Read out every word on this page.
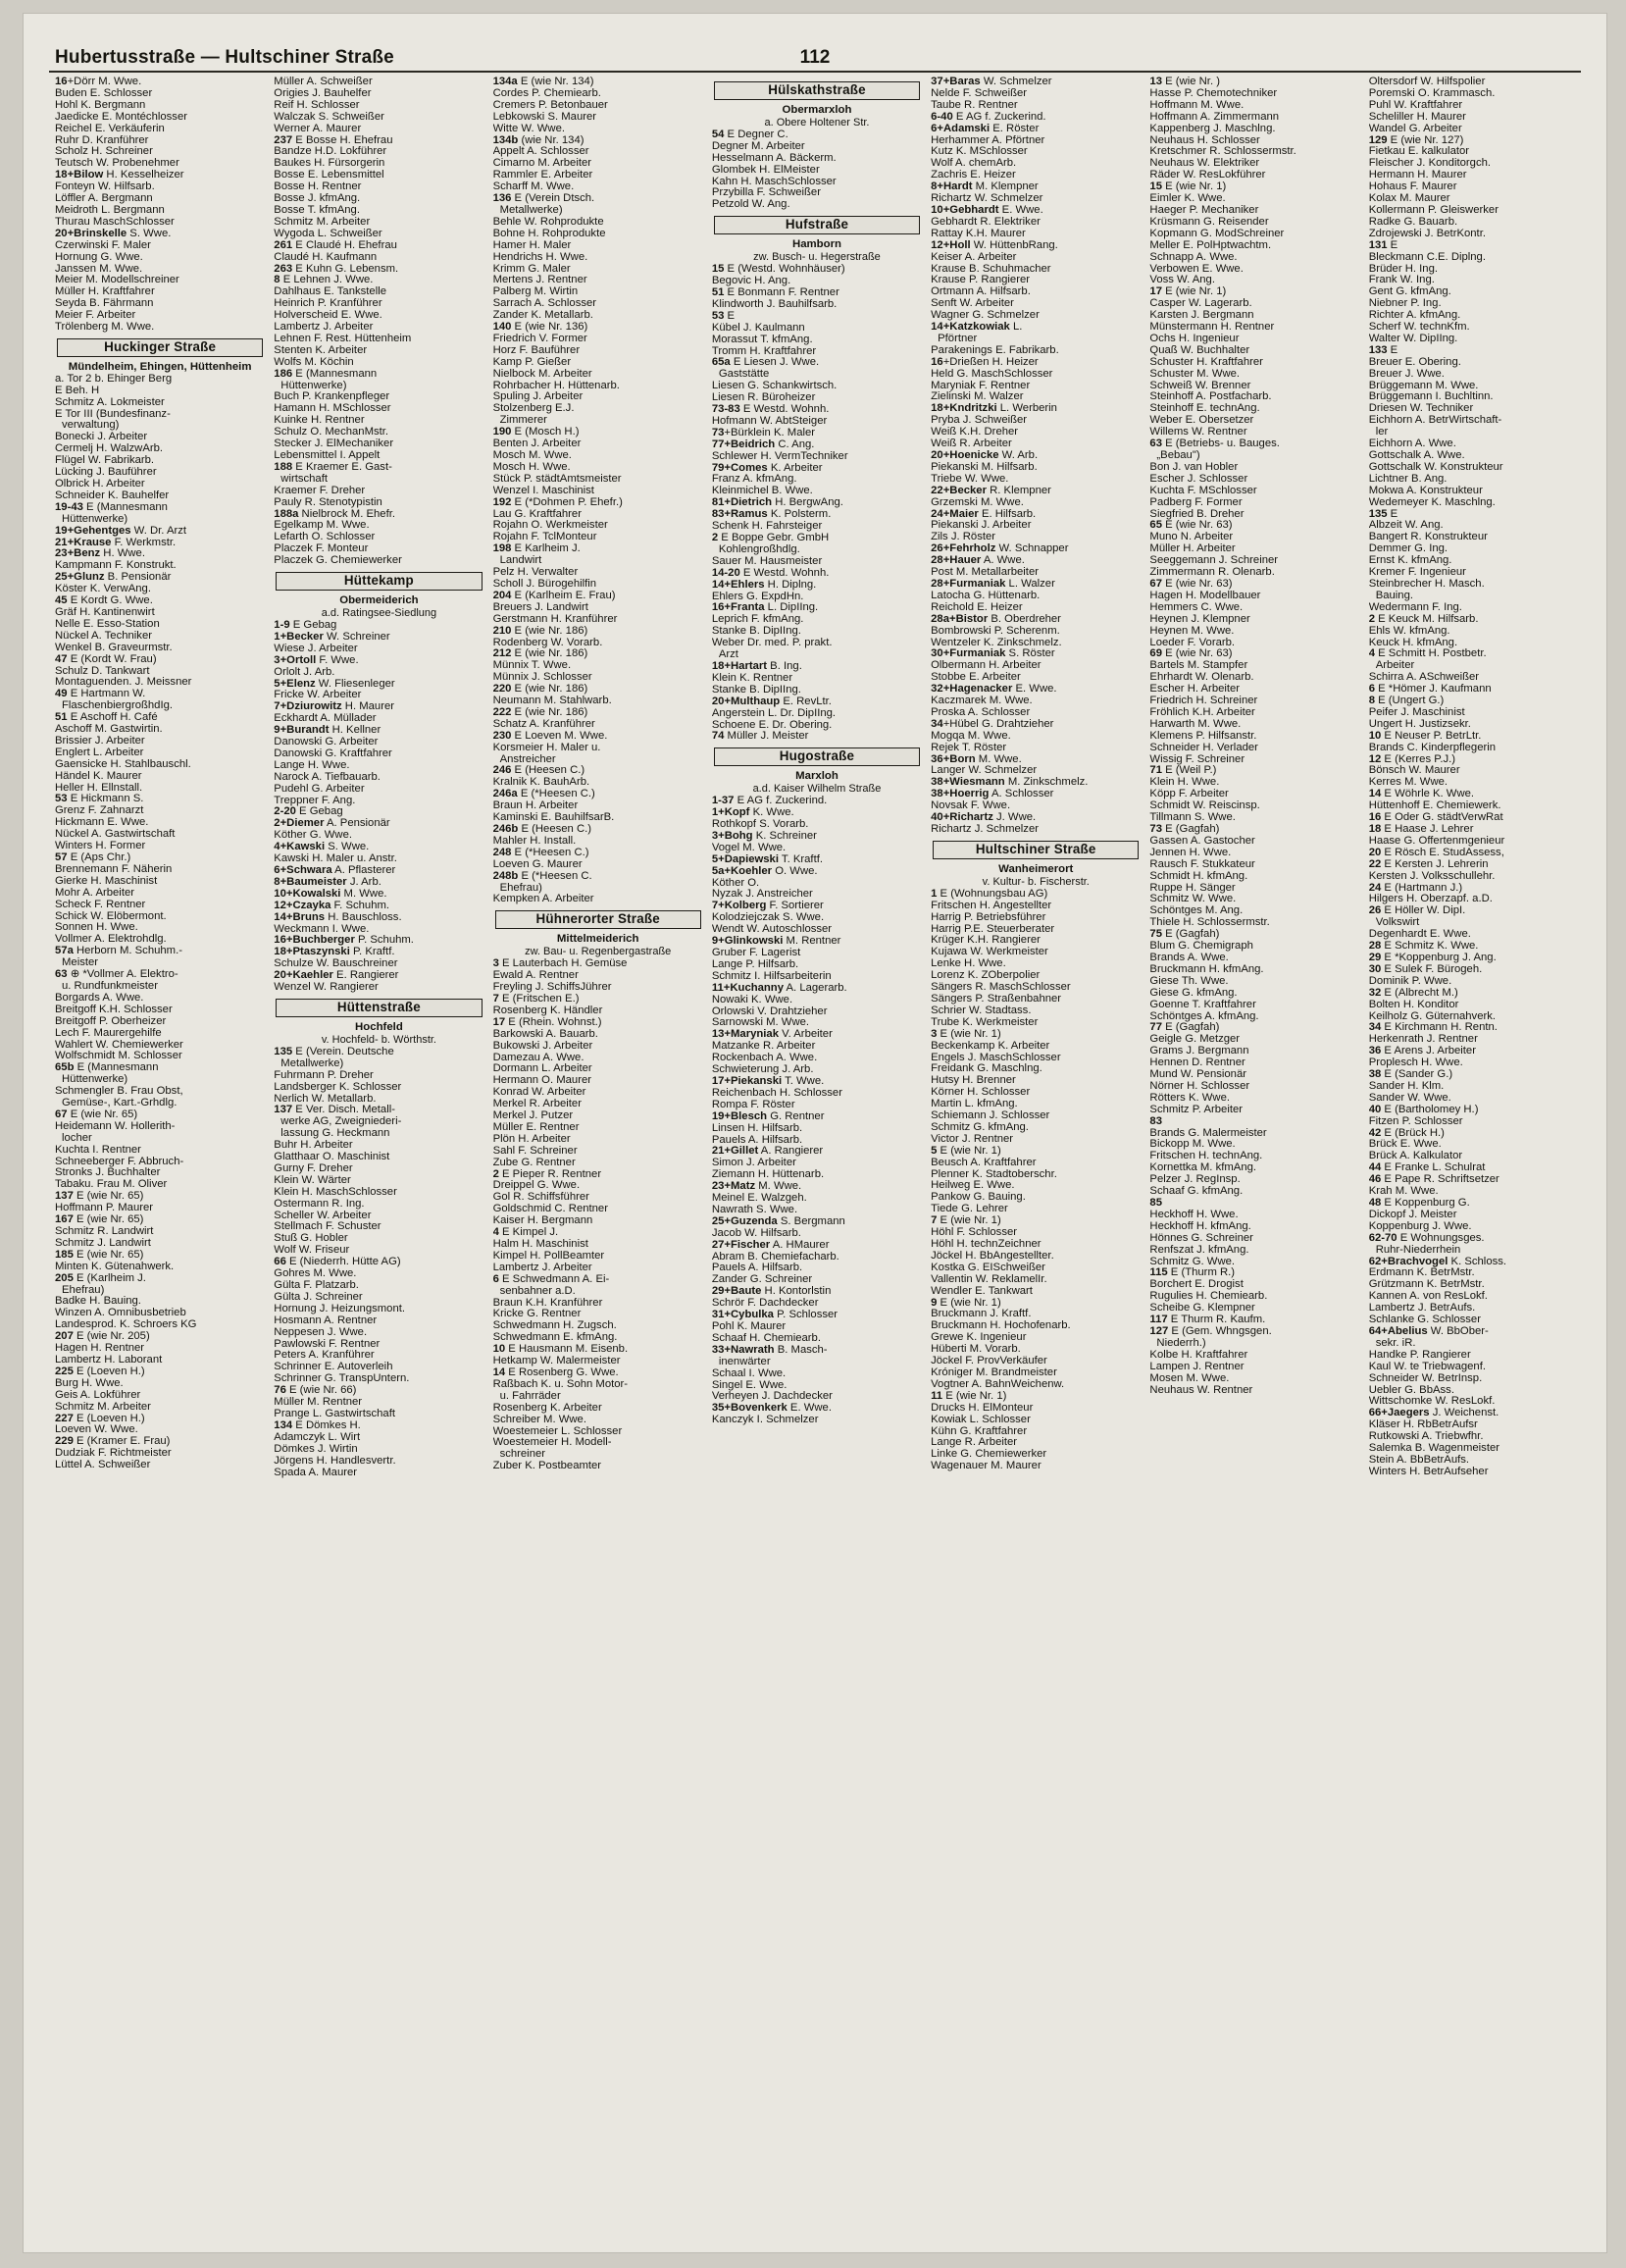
Hubertusstraße — Hultschiner Straße	112
16+Dörr M. Wwe.
Buden E. Schlosser
Hohl K. Bergmann
Jaedicke E. Montéchlosser
Reichel E. Verkäuferin
Ruhr D. Kranführer
Scholz H. Schreiner
Teutsch W. Probenehmer
18+Bilow H. Kesselheizer
Fonteyn W. Hilfsarb.
Löffler A. Bergmann
Meidroth L. Bergmann
Thurau MaschSchlosser
20+Brinskelle S. Wwe.
Czerwinski F. Maler
Hornung G. Wwe.
Janssen M. Wwe.
Meier M. Modellschreiner
Müller H. Kraftfahrer
Seyda B. Fährmann
Meier F. Arbeiter
Trölenberg M. Wwe.
Huckinger Straße
Mündelheim, Ehingen, Hüttenheim
a. Tor 2 b. Ehinger Berg
E Beh. H
Schmitz A. Lokmeister
E Tor III (Bundesfinanz-
verwaltung)
Bonecki J. Arbeiter
Cermelj H. WalzwArb.
Flügel W. Fabrikarb.
Lücking J. Bauführer
Olbrick H. Arbeiter
Schneider K. Bauhelfer
19-43 E (Mannesmann
Hüttenwerke)
19+Gehentges W. Dr. Arzt
21+Krause F. Werkmstr.
23+Benz H. Wwe.
Kampmann F. Konstrukt.
25+Glunz B. Pensionär
Köster K. VerwAng.
45 E Kordt G. Wwe.
Gräf H. Kantinenwirt
Nelle E. Esso-Station
Nückel A. Techniker
Wenkel B. Graveurmstr.
47 E (Kordt W. Frau)
Schulz D. Tankwart
Montaguenden. J. Meissner
49 E Hartmann W.
FlaschenbiergroßhdIg.
51 E Aschoff H. Café
Aschoff M. Gastwirtin.
Brissier J. Arbeiter
Englert L. Arbeiter
Gaensicke H. Stahlbauschl.
Händel K. Maurer
Heller H. Ellnstall.
53 E Hickmann S.
Grenz F. Zahnarzt
Hickmann E. Wwe.
Nückel A. Gastwirtschaft
Winters H. Former
57 E (Aps Chr.)
Brennemann F. Näherin
Gierke H. Maschinist
Mohr A. Arbeiter
Scheck F. Rentner
Schick W. Elöbermont.
Sonnen H. Wwe.
Vollmer A. Elektrohdlg.
57a Herborn M. Schuhm.-
Meister
63 ⊕ *Vollmer A. Elektro-
u. Rundfunkmeister
Borgards A. Wwe.
Breitgoff K.H. Schlosser
Breitgoff P. Oberheizer
Lech F. Maurergehilfe
Wahlert W. Chemiewerker
Wolfschmidt M. Schlosser
65b E (Mannesmann
Hüttenwerke)
Schmengler B. Frau Obst,
Gemüse-, Kart.-Grhdlg.
67 E (wie Nr. 65)
Heidemann W. Hollerith-
locher
Kuchta I. Rentner
Schneeberger F. Abbruch-
Stronks J. Buchhalter
Tabaku. Frau M. Oliver
137 E (wie Nr. 65)
Hoffmann P. Maurer
167 E (wie Nr. 65)
Schmitz R. Landwirt
Schmitz J. Landwirt
185 E (wie Nr. 65)
Minten K. Gütenahwerk.
205 E (Karlheim J.
Ehefrau)
Badke H. Bauing.
Winzen A. Omnibusbetrieb
Landesprod. K. Schroers KG
207 E (wie Nr. 205)
Hagen H. Rentner
Lambertz H. Laborant
225 E (Loeven H.)
Burg H. Wwe.
Geis A. Lokführer
Schmitz M. Arbeiter
227 E (Loeven H.)
Loeven W. Wwe.
229 E (Kramer E. Frau)
Dudziak F. Richtmeister
Lüttel A. Schweißer
Müller A. Schweißer
Origies J. Bauhelfer
Reif H. Schlosser
Walczak S. Schweißer
Werner A. Maurer
237 E Bosse H. Ehefrau
Bandze H.D. Lokführer
Baukes H. Fürsorgerin
Bosse E. Lebensmittel
Bosse H. Rentner
Bosse J. kfmAng.
Bosse T. kfmAng.
Schmitz M. Arbeiter
Wygoda L. Schweißer
261 E Claudé H. Ehefrau
Claudé H. Kaufmann
263 E Kuhn G. Lebensm.
8 E Lehnen J. Wwe.
Dahlhaus E. Tankstelle
Heinrich P. Kranführer
Holverscheid E. Wwe.
Lambertz J. Arbeiter
Lehnen F. Rest. Hüttenheim
Stenten K. Arbeiter
Wolfs M. Köchin
186 E (Mannesmann
Hüttenwerke)
Buch P. Krankenpfleger
Hamann H. MSchlosser
Kuinke H. Rentner
Schulz O. MechanMstr.
Stecker J. ElMechaniker
Lebensmittel I. Appelt
188 E Kraemer E. Gast-
wirtschaft
Kraemer F. Dreher
Pauly R. Stenotypistin
188a Nielbrock M. Ehefr.
Egelkamp M. Wwe.
Lefarth O. Schlosser
Placzek F. Monteur
Placzek G. Chemiewerker
Hüttekamp
Obermeiderich
a.d. Ratingsee-Siedlung
1-9 E Gebag
1+Becker W. Schreiner
Wiese J. Arbeiter
3+Ortoll F. Wwe.
Orlolt J. Arb.
5+Elenz W. Fliesenleger
Fricke W. Arbeiter
7+Dziurowitz H. Maurer
Eckhardt A. Müllader
9+Burandt H. Kellner
Danowski G. Arbeiter
Danowski G. Kraftfahrer
Lange H. Wwe.
Narock A. Tiefbauarb.
Pudehl G. Arbeiter
Treppner F. Ang.
2-20 E Gebag
2+Diemer A. Pensionär
Köther G. Wwe.
4+Kawski S. Wwe.
Kawski H. Maler u. Anstr.
6+Schwara A. Pflasterer
8+Baumeister J. Arb.
10+Kowalski M. Wwe.
12+Czayka F. Schuhm.
14+Bruns H. Bauschloss.
Weckmann I. Wwe.
16+Buchberger P. Schuhm.
18+Ptaszynski P. Kraftf.
Schulze W. Bauschreiner
20+Kaehler E. Rangierer
Wenzel W. Rangierer
Hüttenstraße
Hochfeld
v. Hochfeld- b. Wörthstr.
135 E (Verein. Deutsche
Metallwerke)
Fuhrmann P. Dreher
Landsberger K. Schlosser
Nerlich W. Metallarb.
137 E Ver. Disch. Metall-
werke AG, Zweigniederi-
lassung G. Heckmann
Buhr H. Arbeiter
Glatthaar O. Maschinist
Gurny F. Dreher
Klein W. Wärter
Klein H. MaschSchlosser
Ostermann R. Ing.
Scheller W. Arbeiter
Stellmach F. Schuster
Stuß G. Hobler
Wolf W. Friseur
66 E (Niederrh. Hütte AG)
Gohres M. Wwe.
Gülta F. Platzarb.
Gülta J. Schreiner
Hornung J. Heizungsmont.
Hosmann A. Rentner
Neppesen J. Wwe.
Pawlowski F. Rentner
Peters A. Kranführer
Schrinner E. Autoverleih
Schrinner G. TranspUntern.
76 E (wie Nr. 66)
Müller M. Rentner
Prange L. Gastwirtschaft
134 E Dömkes H.
Adamczyk L. Wirt
Dömkes J. Wirtin
Jörgens H. Handlesvertr.
Spada A. Maurer
134a E (wie Nr. 134)
Cordes P. Chemiearb.
Cremers P. Betonbauer
Lebkowski S. Maurer
Witte W. Wwe.
134b (wie Nr. 134)
Appelt A. Schlosser
Cimarno M. Arbeiter
Rammler E. Arbeiter
Scharff M. Wwe.
136 E (Verein Dtsch.
Metallwerke)
Behle W. Rohprodukte
Bohne H. Rohprodukte
Hamer H. Maler
Hendrichs H. Wwe.
Krimm G. Maler
Mertens J. Rentner
Palberg M. Wirtin
Sarrach A. Schlosser
Zander K. Metallarb.
140 E (wie Nr. 136)
Friedrich V. Former
Horz F. Bauführer
Kamp P. Gießer
Nielbock M. Arbeiter
Rohrbacher H. Hüttenarb.
Spuling J. Arbeiter
Stolzenberg E.J.
Zimmerer
190 E (Mosch H.)
Benten J. Arbeiter
Mosch M. Wwe.
Mosch H. Wwe.
Stück P. städtAmtsmeister
Wenzel I. Maschinist
192 E (*Dohmen P. Ehefr.)
Lau G. Kraftfahrer
Rojahn O. Werkmeister
Rojahn F. TclMonteur
198 E Karlheim J.
Landwirt
Pelz H. Verwalter
Scholl J. Bürogehilfin
204 E (Karlheim E. Frau)
Breuers J. Landwirt
Gerstmann H. Kranführer
210 E (wie Nr. 186)
Rodenberg W. Vorarb.
212 E (wie Nr. 186)
Münnix T. Wwe.
Münnix J. Schlosser
220 E (wie Nr. 186)
Neumann M. Stahlwarb.
222 E (wie Nr. 186)
Schatz A. Kranführer
230 E Loeven M. Wwe.
Korsmeier H. Maler u.
Anstreicher
246 E (Heesen C.)
Kralnik K. BauhArb.
246a E (*Heesen C.)
Braun H. Arbeiter
Kaminski E. BauhilfsarB.
246b E (Heesen C.)
Mahler H. Install.
248 E (*Heesen C.)
Loeven G. Maurer
248b E (*Heesen C.
Ehefrau)
Kempken A. Arbeiter
Hühnerorter Straße
Mittelmeiderich
zw. Bau- u. Regenbergastraße
3 E Lauterbach H. Gemüse
Ewald A. Rentner
Freyling J. SchiffsJührer
7 É (Fritschen E.)
Rosenberg K. Händler
17 E (Rhein. Wohnst.)
Barkowski A. Bauarb.
Bukowski J. Arbeiter
Damezau A. Wwe.
Dormann L. Arbeiter
Hermann O. Maurer
Konrad W. Arbeiter
Merkel R. Arbeiter
Merkel J. Putzer
Müller E. Rentner
Plön H. Arbeiter
Sahl F. Schreiner
Zube G. Rentner
2 E Pieper R. Rentner
Dreippel G. Wwe.
Gol R. Schiffsführer
Goldschmid C. Rentner
Kaiser H. Bergmann
4 E Kimpel J.
Halm H. Maschinist
Kimpel H. PollBeamter
Lambertz J. Arbeiter
6 E Schwedmann A. Ei-
senbahner a.D.
Braun K.H. Kranführer
Kricke G. Rentner
Schwedmann H. Zugsch.
Schwedmann E. kfmAng.
10 E Hausmann M. Eisenb.
Hetkamp W. Malermeister
14 E Rosenberg G. Wwe.
Raßbach K. u. Sohn Motor-
u. Fahrräder
Rosenberg K. Arbeiter
Schreiber M. Wwe.
Woestemeier L. Schlosser
Woestemeier H. Modell-
schreiner
Zuber K. Postbeamter
Hülskathstraße
Obermarxloh
a. Obere Holtener Str.
54 E Degner C.
Degner M. Arbeiter
Hesselmann A. Bäckerm.
Glombek H. ElMeister
Kahn H. MaschSchlosser
Przybilla F. Schweißer
Petzold W. Ang.
Hufstraße
Hamborn
zw. Busch- u. Hegerstraße
15 E (Westd. Wohnhäuser)
Begovic H. Ang.
51 E Bonmann F. Rentner
Klindworth J. Bauhilfsarb.
53 E
Kübel J. Kaulmann
Morassut T. kfmAng.
Tromm H. Kraftfahrer
65a E Liesen J. Wwe.
Gaststätte
Liesen G. Schankwirtsch.
Liesen R. Büroheizer
73-83 E Westd. Wohnh.
Hofmann W. AbtSteiger
73+Bürklein K. Maler
77+Beidrich C. Ang.
Schlewer H. VermTechniker
79+Comes K. Arbeiter
Franz A. kfmAng.
Kleinmichel B. Wwe.
81+Dietrich H. BergwAng.
83+Ramus K. Polsterm.
Schenk H. Fahrsteiger
2 E Boppe Gebr. GmbH
Kohlengroßhdlg.
Sauer M. Hausmeister
14-20 E Westd. Wohnh.
14+Ehlers H. Diplng.
Ehlers G. ExpdHn.
16+Franta L. DipIIng.
Leprich F. kfmAng.
Stanke B. DipIIng.
Weber Dr. med. P. prakt.
Arzt
18+Hartart B. Ing.
Klein K. Rentner
Stanke B. DipIIng.
20+Multhaup E. RevLtr.
Angerstein L. Dr. DipIIng.
Schoene E. Dr. Obering.
74 Müller J. Meister
Hugostraße
Marxloh
a.d. Kaiser Wilhelm Straße
1-37 E AG f. Zuckerind.
1+Kopf K. Wwe.
Rothkopf S. Vorarb.
3+Bohg K. Schreiner
Vogel M. Wwe.
5+Dapiewski T. Kraftf.
5a+Koehler O. Wwe.
Köther O.
Nyzak J. Anstreicher
7+Kolberg F. Sortierer
Kolodziejczak S. Wwe.
Wendt W. Autoschlosser
9+Glinkowski M. Rentner
Gruber F. Lagerist
Lange P. Hilfsarb.
Schmitz I. Hilfsarbeiterin
11+Kuchanny A. Lagerarb.
Nowaki K. Wwe.
Orlowski V. Drahtzieher
Sarnowski M. Wwe.
13+Maryniak V. Arbeiter
Matzanke R. Arbeiter
Rockenbach A. Wwe.
Schwieterung J. Arb.
17+Piekanski T. Wwe.
Reichenbach H. Schlosser
Rompa F. Röster
19+Blesch G. Rentner
Linsen H. Hilfsarb.
Pauels A. Hilfsarb.
21+Gillet A. Rangierer
Simon J. Arbeiter
Ziemann H. Hüttenarb.
23+Matz M. Wwe.
Meinel E. Walzgeh.
Nawrath S. Wwe.
25+Guzenda S. Bergmann
Jacob W. Hilfsarb.
27+Fischer A. HMaurer
Abram B. Chemiefacharb.
Pauels A. Hilfsarb.
Zander G. Schreiner
29+Baute H. Kontorlstin
Schrör F. Dachdecker
31+Cybulka P. Schlosser
Pohl K. Maurer
Schaaf H. Chemiearb.
33+Nawrath B. Masch-
inenwärter
Schaal I. Wwe.
Singel E. Wwe.
Verheyen J. Dachdecker
35+Bovenkerk E. Wwe.
Kanczyk I. Schmelzer
37+Baras W. Schmelzer
Nelde F. Schweißer
Taube R. Rentner
6-40 E AG f. Zuckerind.
6+Adamski E. Röster
Herhammer A. Pförtner
Kutz K. MSchlosser
Wolf A. chemArb.
Zachris E. Heizer
8+Hardt M. Klempner
Richartz W. Schmelzer
10+Gebhardt E. Wwe.
Gebhardt R. Elektriker
Rattay K.H. Maurer
12+Holl W. HüttenbRang.
Keiser A. Arbeiter
Krause B. Schuhmacher
Krause P. Rangierer
Ortmann A. Hilfsarb.
Senft W. Arbeiter
Wagner G. Schmelzer
14+Katzkowiak L.
Pförtner
Parakenings E. Fabrikarb.
16+Drießen H. Heizer
Held G. MaschSchlosser
Maryniak F. Rentner
Zielinski M. Walzer
18+Kndritzki L. Werberin
Pryba J. Schweißer
Weiß K.H. Dreher
Weiß R. Arbeiter
20+Hoenicke W. Arb.
Piekanski M. Hilfsarb.
Triebe W. Wwe.
22+Becker R. Klempner
Grzemski M. Wwe.
24+Maier E. Hilfsarb.
Piekanski J. Arbeiter
Zils J. Röster
26+Fehrholz W. Schnapper
28+Hauer A. Wwe.
Post M. Metallarbeiter
28+Furmaniak L. Walzer
Latocha G. Hüttenarb.
Reichold E. Heizer
28a+Bistor B. Oberdreher
Bombrowski P. Scherenm.
Wentzeler K. Zinkschmelz.
30+Furmaniak S. Röster
Olbermann H. Arbeiter
Stobbe E. Arbeiter
32+Hagenacker E. Wwe.
Kaczmarek M. Wwe.
Proska A. Schlosser
34+Hübel G. Drahtzieher
Mogqa M. Wwe.
Rejek T. Röster
36+Born M. Wwe.
Langer W. Schmelzer
38+Wiesmann M. Zinkschmelz.
38+Hoerrig A. Schlosser
Novsak F. Wwe.
40+Richartz J. Wwe.
Richartz J. Schmelzer
Hultschiner Straße
Wanheimerort
v. Kultur- b. Fischerstr.
1 E (Wohnungsbau AG)
Fritschen H. Angestellter
Harrig P. Betriebsführer
Harrig P.E. Steuerberater
Krüger K.H. Rangierer
Kujawa W. Werkmeister
Lenke H. Wwe.
Lorenz K. ZOberpolier
Sängers R. MaschSchlosser
Sängers P. Straßenbahner
Schrier W. Stadtass.
Trube K. Werkmeister
3 E (wie Nr. 1)
Beckenkamp K. Arbeiter
Engels J. MaschSchlosser
Freidank G. Maschlng.
Hutsy H. Brenner
Körner H. Schlosser
Martin L. kfmAng.
Schiemann J. Schlosser
Schmitz G. kfmAng.
Victor J. Rentner
5 E (wie Nr. 1)
Beusch A. Kraftfahrer
Plenner K. Stadtoberschr.
Heilweg E. Wwe.
Pankow G. Bauing.
Tiede G. Lehrer
7 E (wie Nr. 1)
Höhl F. Schlosser
Höhl H. technZeichner
Jöckel H. BbAngestellter.
Kostka G. EISchweißer
Vallentin W. ReklamelIr.
Wendler E. Tankwart
9 E (wie Nr. 1)
Bruckmann J. Kraftf.
Bruckmann H. Hochofenarb.
Grewe K. Ingenieur
Hüberti M. Vorarb.
Jöckel F. ProvVerkäufer
Króniger M. Brandmeister
Vogtner A. BahnWeichenw.
11 E (wie Nr. 1)
Drucks H. ElMonteur
Kowiak L. Schlosser
Kühn G. Kraftfahrer
Lange R. Arbeiter
Linke G. Chemiewerker
Wagenauer M. Maurer
13 E (wie Nr. )
Hasse P. Chemotechniker
Hoffmann M. Wwe.
Hoffmann A. Zimmermann
Kappenberg J. Maschlng.
Neuhaus H. Schlosser
Kretschmer R. Schlossermstr.
Neuhaus W. Elektriker
Räder W. ResLokführer
15 E (wie Nr. 1)
Eimler K. Wwe.
Haeger P. Mechaniker
Krüsmann G. Reisender
Kopmann G. ModSchreiner
Meller E. PolHptwachtm.
Schnapp A. Wwe.
Verbowen E. Wwe.
Voss W. Ang.
17 E (wie Nr. 1)
Casper W. Lagerarb.
Karsten J. Bergmann
Münstermann H. Rentner
Ochs H. Ingenieur
Quaß W. Buchhalter
Schuster H. Kraftfahrer
Schuster M. Wwe.
Schweiß W. Brenner
Steinhoff A. Postfacharb.
Steinhoff E. technAng.
Weber E. Obersetzer
Willems W. Rentner
63 E (Betriebs- u. Bauges.
„Bebau")
Bon J. van Hobler
Escher J. Schlosser
Kuchta F. MSchlosser
Padberg F. Former
Siegfried B. Dreher
65 E (wie Nr. 63)
Muno N. Arbeiter
Müller H. Arbeiter
Seeggemann J. Schreiner
Zimmermann R. Olenarb.
67 E (wie Nr. 63)
Hagen H. Modellbauer
Hemmers C. Wwe.
Heynen J. Klempner
Heynen M. Wwe.
Loeder F. Vorarb.
69 E (wie Nr. 63)
Bartels M. Stampfer
Ehrhardt W. Olenarb.
Escher H. Arbeiter
Friedrich H. Schreiner
Fröhlich K.H. Arbeiter
Harwarth M. Wwe.
Klemens P. Hilfsanstr.
Schneider H. Verlader
Wissig F. Schreiner
71 E (Weil P.)
Klein H. Wwe.
Köpp F. Arbeiter
Schmidt W. Reiscinsp.
Tillmann S. Wwe.
73 E (Gagfah)
Gassen A. Gastocher
Jennen H. Wwe.
Rausch F. Stukkateur
Schmidt H. kfmAng.
Ruppe H. Sänger
Schmitz W. Wwe.
Schöntges M. Ang.
Thiele H. Schlossermstr.
75 E (Gagfah)
Blum G. Chemigraph
Brands A. Wwe.
Bruckmann H. kfmAng.
Giese Th. Wwe.
Giese G. kfmAng.
Goenne T. Kraftfahrer
Schöntges A. kfmAng.
77 E (Gagfah)
Geigle G. Metzger
Grams J. Bergmann
Hennen D. Rentner
Mund W. Pensionär
Nörner H. Schlosser
Rötters K. Wwe.
Schmitz P. Arbeiter
83
Brands G. Malermeister
Bickopp M. Wwe.
Fritschen H. technAng.
Kornettka M. kfmAng.
Pelzer J. RegInsp.
Schaaf G. kfmAng.
85
Heckhoff H. Wwe.
Heckhoff H. kfmAng.
Hönnes G. Schreiner
Renfszat J. kfmAng.
Schmitz G. Wwe.
115 E (Thurm R.)
Borchert E. Drogist
Rugulies H. Chemiearb.
Scheibe G. Klempner
117 E Thurm R. Kaufm.
127 E (Gem. Whngsgen.
Niederrh.)
Kolbe H. Kraftfahrer
Lampen J. Rentner
Mosen M. Wwe.
Neuhaus W. Rentner
Oltersdorf W. Hilfspolier
Poremski O. Krammasch.
Puhl W. Kraftfahrer
Scheliller H. Maurer
Wandel G. Arbeiter
129 E (wie Nr. 127)
Fietkau E. kalkulator
Fleischer J. Konditorgch.
Hermann H. Maurer
Hohaus F. Maurer
Kolax M. Maurer
Kollermann P. Gleiswerker
Radke G. Bauarb.
Zdrojewski J. BetrKontr.
131 E
Bleckmann C.E. Diplng.
Brüder H. Ing.
Frank W. Ing.
Gent G. kfmAng.
Niebner P. Ing.
Richter A. kfmAng.
Scherf W. technKfm.
Walter W. DipIIng.
133 E
Breuer E. Obering.
Breuer J. Wwe.
Brüggemann M. Wwe.
Brüggemann I. Buchltinn.
Driesen W. Techniker
Eichhorn A. BetrWirtschaft-
ler
Eichhorn A. Wwe.
Gottschalk A. Wwe.
Gottschalk W. Konstrukteur
Lichtner B. Ang.
Mokwa A. Konstrukteur
Wedemeyer K. Maschlng.
135 E
Albzeit W. Ang.
Bangert R. Konstrukteur
Demmer G. Ing.
Ernst K. kfmAng.
Kremer F. Ingenieur
Steinbrecher H. Masch.
Bauing.
Wedermann F. Ing.
2 E Keuck M. Hilfsarb.
Ehls W. kfmAng.
Keuck H. kfmAng.
4 E Schmitt H. Postbetr.
Arbeiter
Schirra A. ASchweißer
6 E *Hömer J. Kaufmann
8 E (Ungert G.)
Peifer J. Maschinist
Ungert H. Justizsekr.
10 E Neuser P. BetrLtr.
Brands C. Kinderpflegerin
12 E (Kerres P.J.)
Bönsch W. Maurer
Kerres M. Wwe.
14 E Wöhrle K. Wwe.
Hüttenhoff E. Chemiewerk.
16 E Oder G. städtVerwRat
18 E Haase J. Lehrer
Haase G. Offertenmgenieur
20 E Rösch E. StudAssess,
22 E Kersten J. Lehrerin
Kersten J. Volksschullehr.
24 E (Hartmann J.)
Hilgers H. Oberzapf. a.D.
26 E Höller W. DipI.
Volkswirt
Degenhardt E. Wwe.
28 E Schmitz K. Wwe.
29 E *Koppenburg J. Ang.
30 E Sulek F. Bürogeh.
Dominik P. Wwe.
32 E (Albrecht M.)
Bolten H. Konditor
Keilholz G. Güternahverk.
34 E Kirchmann H. Rentn.
Herkenrath J. Rentner
36 E Arens J. Arbeiter
Proplesch H. Wwe.
38 E (Sander G.)
Sander H. Klm.
Sander W. Wwe.
40 E (Bartholomey H.)
Fitzen P. Schlosser
42 E (Brück H.)
Brück E. Wwe.
Brück A. Kalkulator
44 E Franke L. Schulrat
46 E Pape R. Schriftsetzer
Krah M. Wwe.
48 E Koppenburg G.
Dickopf J. Meister
Koppenburg J. Wwe.
62-70 E Wohnungsges.
Ruhr-Niederrhein
62+Brachvogel K. Schloss.
Erdmann K. BetrMstr.
Grützmann K. BetrMstr.
Kannen A. von ResLokf.
Lambertz J. BetrAufs.
Schlanke G. Schlosser
64+Abelius W. BbOber-
sekr. iR.
Handke P. Rangierer
Kaul W. te Triebwagenf.
Schneider W. BetrInsp.
Uebler G. BbAss.
Wittschomke W. ResLokf.
66+Jaegers J. Weichenst.
Kläser H. RbBetrAufsr
Rutkowski A. Triebwfhr.
Salemka B. Wagenmeister
Stein A. BbBetrAufs.
Winters H. BetrAufseher
